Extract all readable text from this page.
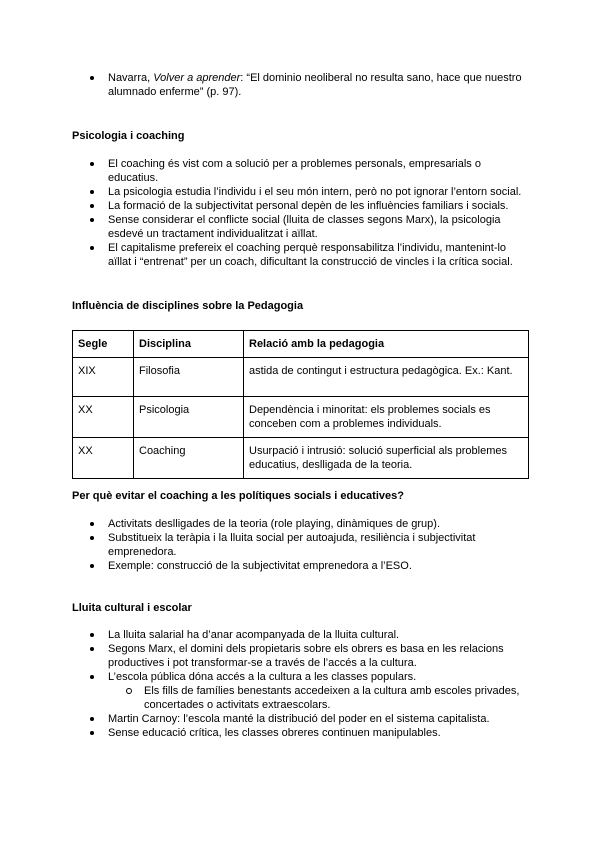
Navarra, Volver a aprender: “El dominio neoliberal no resulta sano, hace que nuestro alumnado enferme” (p. 97).
Psicologia i coaching
El coaching és vist com a solució per a problemes personals, empresarials o educatius.
La psicologia estudia l’individu i el seu món intern, però no pot ignorar l’entorn social.
La formació de la subjectivitat personal depèn de les influències familiars i socials.
Sense considerar el conflicte social (lluita de classes segons Marx), la psicologia esdevé un tractament individualitzat i aïllat.
El capitalisme prefereix el coaching perquè responsabilitza l’individu, mantenint-lo aïllat i “entrenat” per un coach, dificultant la construcció de vincles i la crítica social.
Influència de disciplines sobre la Pedagogia
Segle	Disciplina	Relació amb la pedagogia
XIX	Filosofia	astida de contingut i estructura pedagògica. Ex.: Kant.
XX	Psicologia	Dependència i minoritat: els problemes socials es conceben com a problemes individuals.
XX	Coaching	Usurpació i intrusió: solució superficial als problemes educatius, deslligada de la teoria.
Per què evitar el coaching a les polítiques socials i educatives?
Activitats deslligades de la teoria (role playing, dinàmiques de grup).
Substitueix la teràpia i la lluita social per autoajuda, resiliència i subjectivitat emprenedora.
Exemple: construcció de la subjectivitat emprenedora a l’ESO.
Lluita cultural i escolar
La lluita salarial ha d’anar acompanyada de la lluita cultural.
Segons Marx, el domini dels propietaris sobre els obrers es basa en les relacions productives i pot transformar-se a través de l’accés a la cultura.
L’escola pública dóna accés a la cultura a les classes populars.
Els fills de famílies benestants accedeixen a la cultura amb escoles privades, concertades o activitats extraescolars.
Martin Carnoy: l’escola manté la distribució del poder en el sistema capitalista.
Sense educació crítica, les classes obreres continuen manipulables.
